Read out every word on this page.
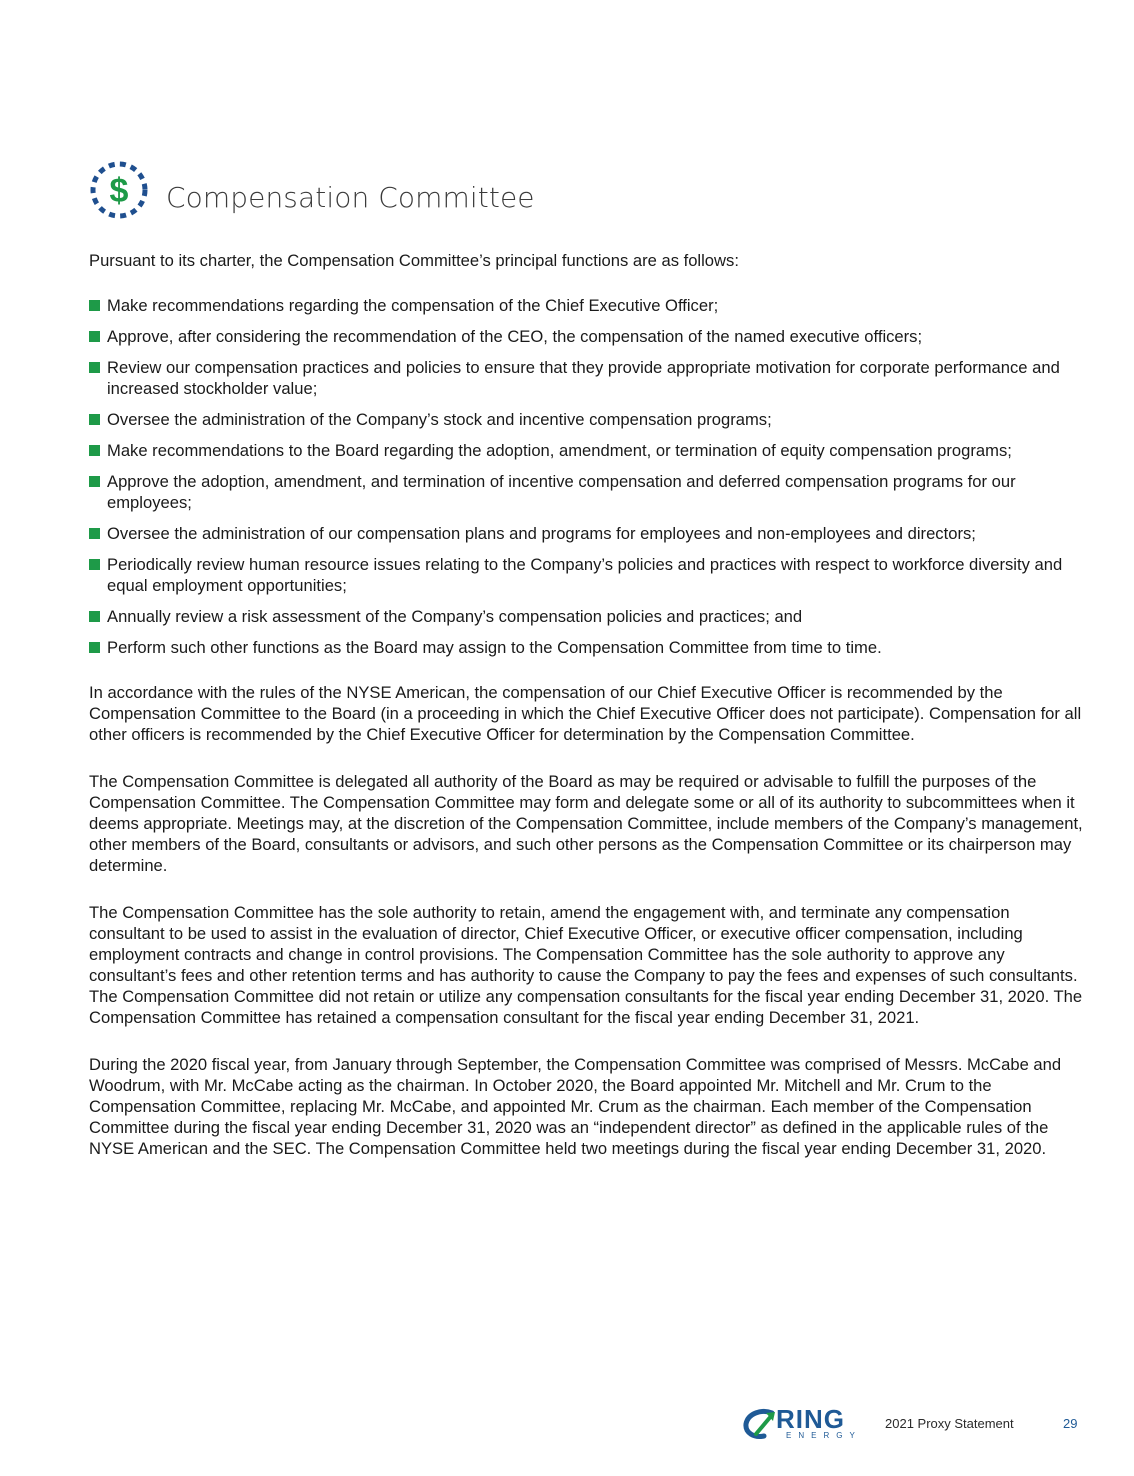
$ Compensation Committee

Pursuant to its charter, the Compensation Committee’s principal functions are as follows:

Make recommendations regarding the compensation of the Chief Executive Officer;
Approve, after considering the recommendation of the CEO, the compensation of the named executive officers;
Review our compensation practices and policies to ensure that they provide appropriate motivation for corporate performance and increased stockholder value;
Oversee the administration of the Company’s stock and incentive compensation programs;
Make recommendations to the Board regarding the adoption, amendment, or termination of equity compensation programs;
Approve the adoption, amendment, and termination of incentive compensation and deferred compensation programs for our employees;
Oversee the administration of our compensation plans and programs for employees and non-employees and directors;
Periodically review human resource issues relating to the Company’s policies and practices with respect to workforce diversity and equal employment opportunities;
Annually review a risk assessment of the Company’s compensation policies and practices; and
Perform such other functions as the Board may assign to the Compensation Committee from time to time.

In accordance with the rules of the NYSE American, the compensation of our Chief Executive Officer is recommended by the Compensation Committee to the Board (in a proceeding in which the Chief Executive Officer does not participate). Compensation for all other officers is recommended by the Chief Executive Officer for determination by the Compensation Committee.

The Compensation Committee is delegated all authority of the Board as may be required or advisable to fulfill the purposes of the Compensation Committee. The Compensation Committee may form and delegate some or all of its authority to subcommittees when it deems appropriate. Meetings may, at the discretion of the Compensation Committee, include members of the Company’s management, other members of the Board, consultants or advisors, and such other persons as the Compensation Committee or its chairperson may determine.

The Compensation Committee has the sole authority to retain, amend the engagement with, and terminate any compensation consultant to be used to assist in the evaluation of director, Chief Executive Officer, or executive officer compensation, including employment contracts and change in control provisions. The Compensation Committee has the sole authority to approve any consultant’s fees and other retention terms and has authority to cause the Company to pay the fees and expenses of such consultants. The Compensation Committee did not retain or utilize any compensation consultants for the fiscal year ending December 31, 2020. The Compensation Committee has retained a compensation consultant for the fiscal year ending December 31, 2021.

During the 2020 fiscal year, from January through September, the Compensation Committee was comprised of Messrs. McCabe and Woodrum, with Mr. McCabe acting as the chairman. In October 2020, the Board appointed Mr. Mitchell and Mr. Crum to the Compensation Committee, replacing Mr. McCabe, and appointed Mr. Crum as the chairman. Each member of the Compensation Committee during the fiscal year ending December 31, 2020 was an “independent director” as defined in the applicable rules of the NYSE American and the SEC. The Compensation Committee held two meetings during the fiscal year ending December 31, 2020.

RING
ENERGY
2021 Proxy Statement	29
